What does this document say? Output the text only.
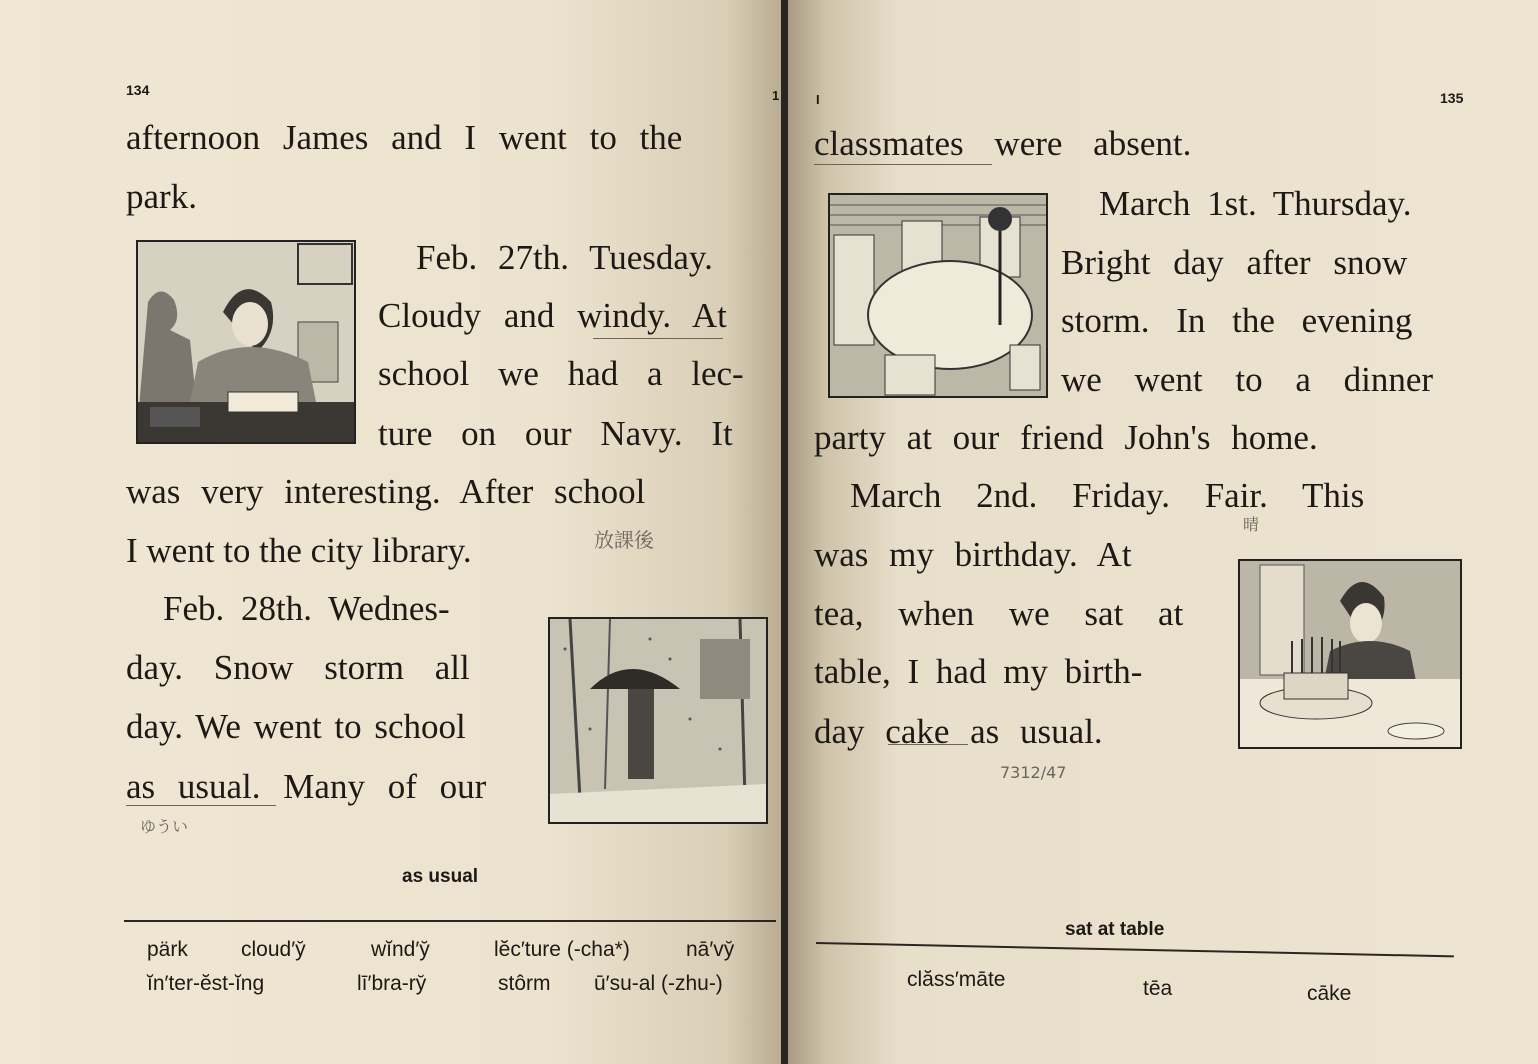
134	1

afternoon James and I went to the

park.

Feb. 27th. Tuesday.

Cloudy and windy. At

school we had a lec-

ture on our Navy. It

was very interesting. After school

I went to the city library.

Feb. 28th. Wednes-

day. Snow storm all

day. We went to school

as usual. Many of our

放課後
ゆうい
as usual
pärk	cloud′y̆	wĭnd′y̆	lĕc′ture (-cha*)	nā′vy̆
ĭn′ter-ĕst-ĭng	lī′bra-ry̆	stôrm ū′su-al (-zhu-)
I	135

classmates were absent.

March 1st. Thursday.

Bright day after snow

storm. In the evening

we went to a dinner

party at our friend John's home.

March 2nd. Friday. Fair. This

was my birthday. At

tea, when we sat at

table, I had my birth-

day cake as usual.

晴
7312/47
sat at table
clăss′māte	tēa	cāke
